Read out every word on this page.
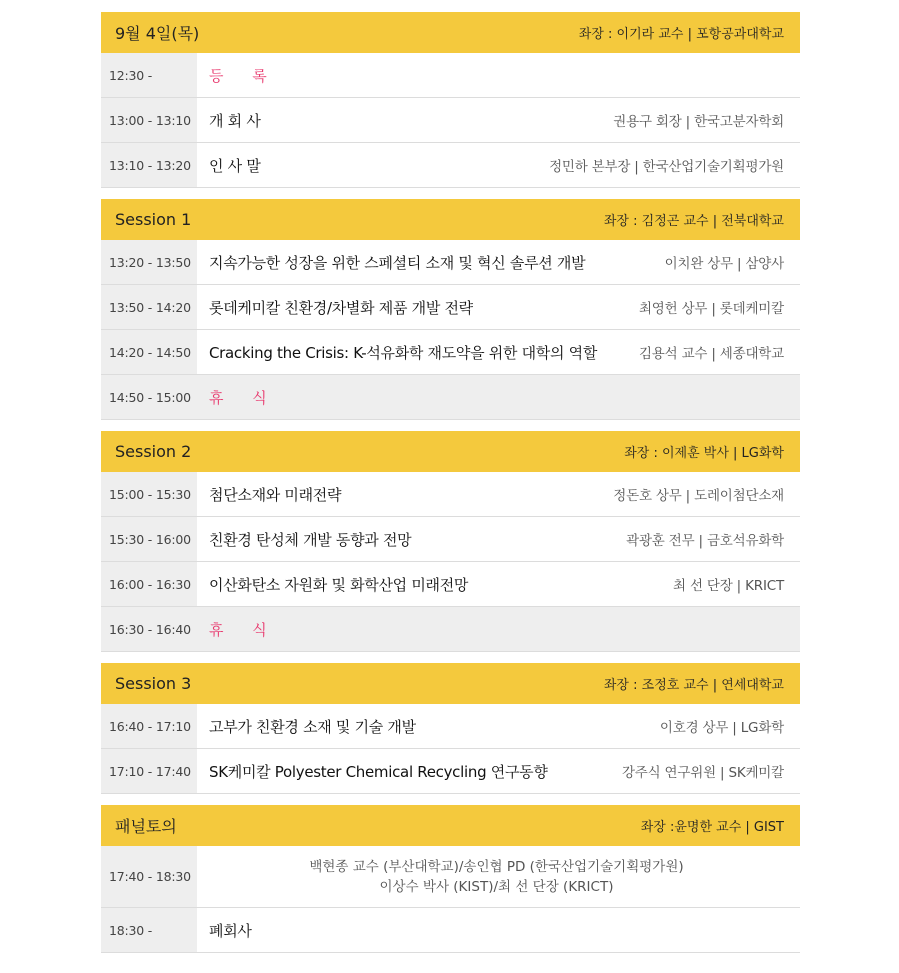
9월 4일(목)	좌장 : 이기라 교수 | 포항공과대학교
12:30 -	등 록
13:00 - 13:10	개 회 사	권용구 회장 | 한국고분자학회
13:10 - 13:20	인 사 말	정민하 본부장 | 한국산업기술기획평가원
Session 1	좌장 : 김정곤 교수 | 전북대학교
13:20 - 13:50	지속가능한 성장을 위한 스페셜티 소재 및 혁신 솔루션 개발	이치완 상무 | 삼양사
13:50 - 14:20	롯데케미칼 친환경/차별화 제품 개발 전략	최영헌 상무 | 롯데케미칼
14:20 - 14:50	Cracking the Crisis: K-석유화학 재도약을 위한 대학의 역할	김용석 교수 | 세종대학교
14:50 - 15:00	휴 식
Session 2	좌장 : 이제훈 박사 | LG화학
15:00 - 15:30	첨단소재와 미래전략	정돈호 상무 | 도레이첨단소재
15:30 - 16:00	친환경 탄성체 개발 동향과 전망	곽광훈 전무 | 금호석유화학
16:00 - 16:30	이산화탄소 자원화 및 화학산업 미래전망	최 선 단장 | KRICT
16:30 - 16:40	휴 식
Session 3	좌장 : 조정호 교수 | 연세대학교
16:40 - 17:10	고부가 친환경 소재 및 기술 개발	이호경 상무 | LG화학
17:10 - 17:40	SK케미칼 Polyester Chemical Recycling 연구동향	강주식 연구위원 | SK케미칼
패널토의	좌장 :윤명한 교수 | GIST
17:40 - 18:30
백현종 교수 (부산대학교)/송인협 PD (한국산업기술기획평가원)
이상수 박사 (KIST)/최 선 단장 (KRICT)
18:30 -	폐회사
